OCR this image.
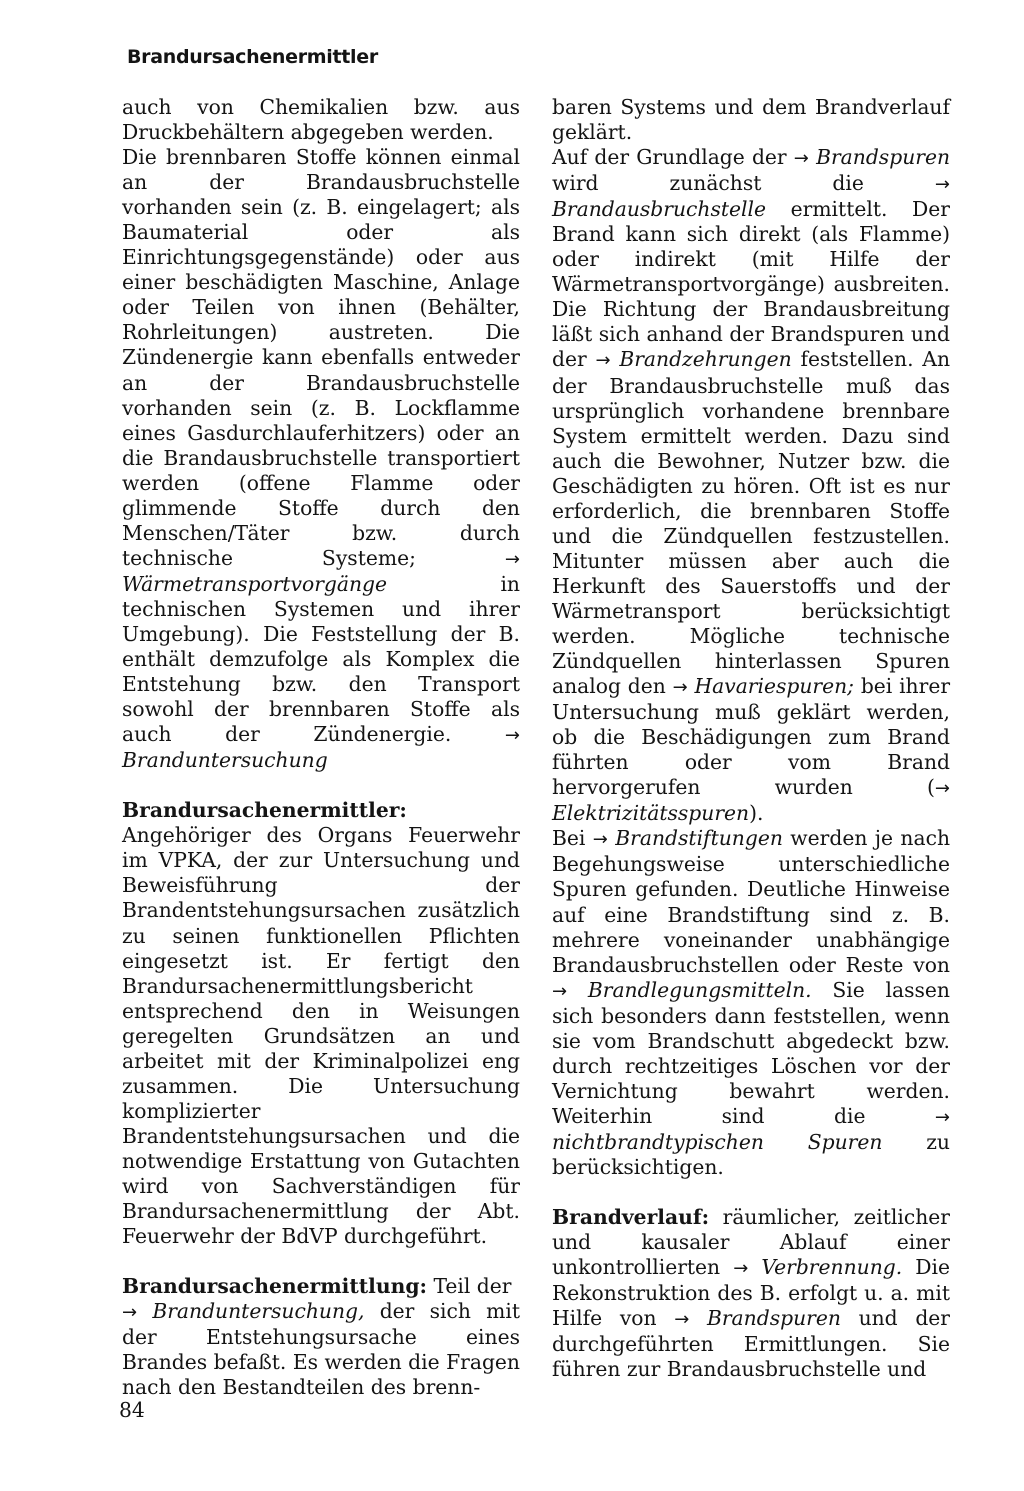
Brandursachenermittler

auch von Chemikalien bzw. aus Druckbehältern abgegeben werden.

Die brennbaren Stoffe können einmal an der Brandausbruchstelle vorhanden sein (z. B. eingelagert; als Baumaterial oder als Einrichtungsgegenstände) oder aus einer beschädigten Maschine, Anlage oder Teilen von ihnen (Behälter, Rohrleitungen) austreten. Die Zündenergie kann ebenfalls entweder an der Brandausbruchstelle vorhanden sein (z. B. Lockflamme eines Gasdurchlauferhitzers) oder an die Brandausbruchstelle transportiert werden (offene Flamme oder glimmende Stoffe durch den Menschen/Täter bzw. durch technische Systeme;	→ Wärmetransportvorgänge	in technischen Systemen und ihrer Umgebung). Die Feststellung der B. enthält demzufolge als Komplex die Entstehung bzw. den Transport sowohl der brennbaren Stoffe als auch der Zündenergie.	→ Branduntersuchung

Brandursachenermittler: Angehöriger des Organs Feuerwehr im VPKA, der zur Untersuchung und Beweisführung der Brandentstehungsursachen zusätzlich zu seinen funktionellen Pflichten eingesetzt ist. Er fertigt den Brandursachenermittlungsbericht entsprechend den in Weisungen geregelten Grundsätzen an und arbeitet mit der Kriminalpolizei eng zusammen. Die Untersuchung komplizierter Brandentstehungsursachen und die notwendige Erstattung von Gutachten wird von Sachverständigen für Brandursachenermittlung der Abt. Feuerwehr der BdVP durchgeführt.

Brandursachenermittlung: Teil der
→ Branduntersuchung, der sich mit der Entstehungsursache eines Brandes befaßt. Es werden die Fragen nach den Bestandteilen des brenn-

baren Systems und dem Brandverlauf geklärt.

Auf der Grundlage der → Brandspuren wird zunächst die	→ Brandausbruchstelle ermittelt. Der Brand kann sich direkt (als Flamme) oder indirekt (mit Hilfe der Wärmetransportvorgänge) ausbreiten. Die Richtung der Brandausbreitung läßt sich anhand der Brandspuren und der → Brandzehrungen feststellen. An der Brandausbruchstelle muß das ursprünglich vorhandene brennbare System ermittelt werden. Dazu sind auch die Bewohner, Nutzer bzw. die Geschädigten zu hören. Oft ist es nur erforderlich, die brennbaren Stoffe und die Zündquellen festzustellen. Mitunter müssen aber auch die Herkunft des Sauerstoffs und der Wärmetransport berücksichtigt werden. Mögliche technische Zündquellen hinterlassen Spuren analog den → Havariespuren; bei ihrer Untersuchung muß geklärt werden, ob die Beschädigungen zum Brand führten oder vom Brand hervorgerufen wurden (→ Elektrizitätsspuren).

Bei → Brandstiftungen werden je nach Begehungsweise unterschiedliche Spuren gefunden. Deutliche Hinweise auf eine Brandstiftung sind z. B. mehrere voneinander unabhängige Brandausbruchstellen oder Reste von → Brandlegungsmitteln. Sie lassen sich besonders dann feststellen, wenn sie vom Brandschutt abgedeckt bzw. durch rechtzeitiges Löschen vor der Vernichtung bewahrt werden. Weiterhin sind die	→ nichtbrandtypischen Spuren zu berücksichtigen.

Brandverlauf: räumlicher, zeitlicher und kausaler Ablauf einer unkontrollierten → Verbrennung. Die Rekonstruktion des B. erfolgt u. a. mit Hilfe von → Brandspuren und der durchgeführten Ermittlungen. Sie führen zur Brandausbruchstelle und

84
